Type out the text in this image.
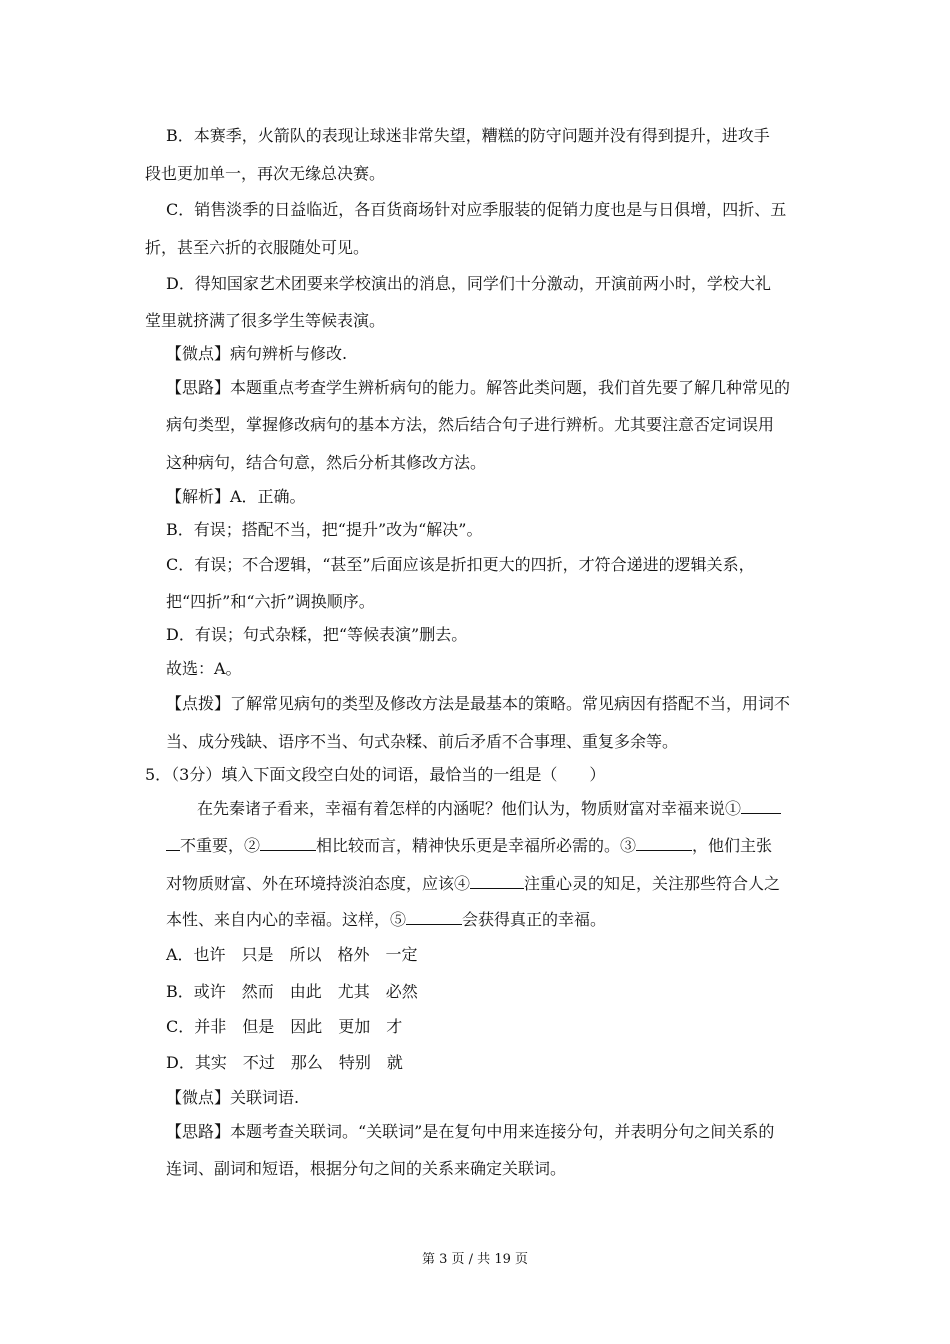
B．本赛季，火箭队的表现让球迷非常失望，糟糕的防守问题并没有得到提升，进攻手
段也更加单一，再次无缘总决赛。
C．销售淡季的日益临近，各百货商场针对应季服装的促销力度也是与日俱增，四折、五
折，甚至六折的衣服随处可见。
D．得知国家艺术团要来学校演出的消息，同学们十分激动，开演前两小时，学校大礼
堂里就挤满了很多学生等候表演。
【微点】病句辨析与修改.
【思路】本题重点考查学生辨析病句的能力。解答此类问题，我们首先要了解几种常见的
病句类型，掌握修改病句的基本方法，然后结合句子进行辨析。尤其要注意否定词误用
这种病句，结合句意，然后分析其修改方法。
【解析】A．正确。
B．有误；搭配不当，把“提升”改为“解决”。
C．有误；不合逻辑，“甚至”后面应该是折扣更大的四折，才符合递进的逻辑关系，
把“四折”和“六折”调换顺序。
D．有误；句式杂糅，把“等候表演”删去。
故选：A。
【点拨】了解常见病句的类型及修改方法是最基本的策略。常见病因有搭配不当，用词不
当、成分残缺、语序不当、句式杂糅、前后矛盾不合事理、重复多余等。
5．（3分）填入下面文段空白处的词语，最恰当的一组是（　　）
在先秦诸子看来，幸福有着怎样的内涵呢？他们认为，物质财富对幸福来说①
不重要，②	相比较而言，精神快乐更是幸福所必需的。③	，他们主张
对物质财富、外在环境持淡泊态度，应该④	注重心灵的知足，关注那些符合人之
本性、来自内心的幸福。这样，⑤	会获得真正的幸福。
A．也许　只是　所以　格外　一定
B．或许　然而　由此　尤其　必然
C．并非　但是　因此　更加　才
D．其实　不过　那么　特别　就
【微点】关联词语.
【思路】本题考查关联词。“关联词”是在复句中用来连接分句，并表明分句之间关系的
连词、副词和短语，根据分句之间的关系来确定关联词。
第 3 页 / 共 19 页
